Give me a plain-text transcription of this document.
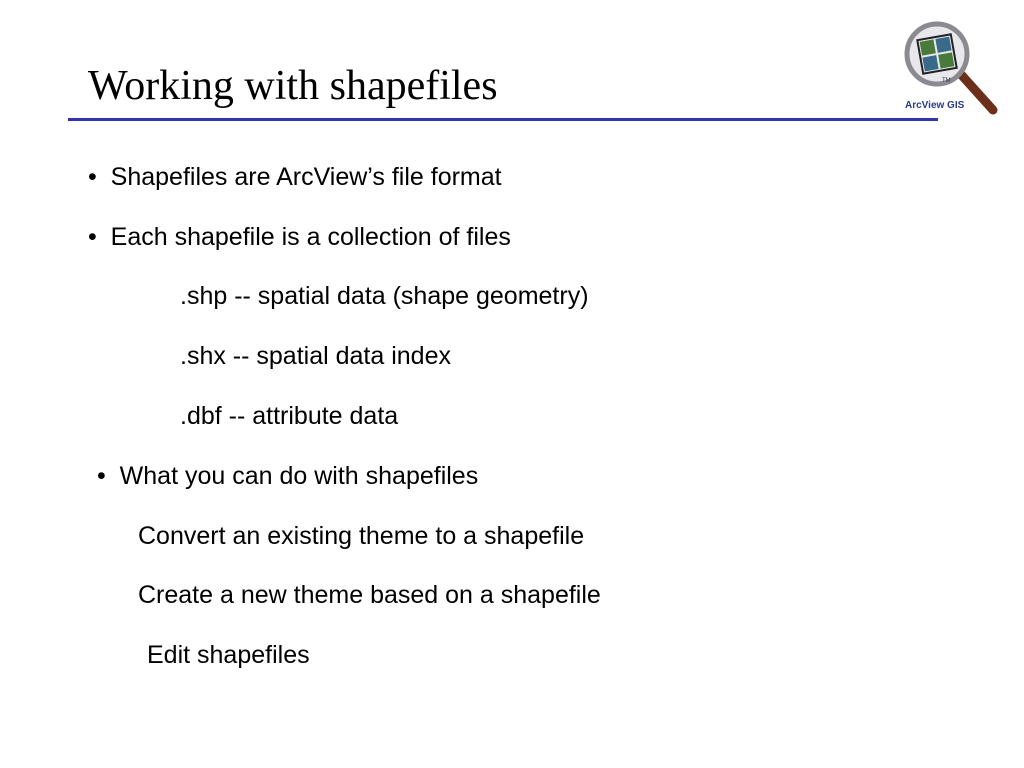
Working with shapefiles	TM
ArcView GIS
• Shapefiles are ArcView’s file format
• Each shapefile is a collection of files
.shp -- spatial data (shape geometry)
.shx -- spatial data index
.dbf -- attribute data
• What you can do with shapefiles
Convert an existing theme to a shapefile
Create a new theme based on a shapefile
Edit shapefiles
